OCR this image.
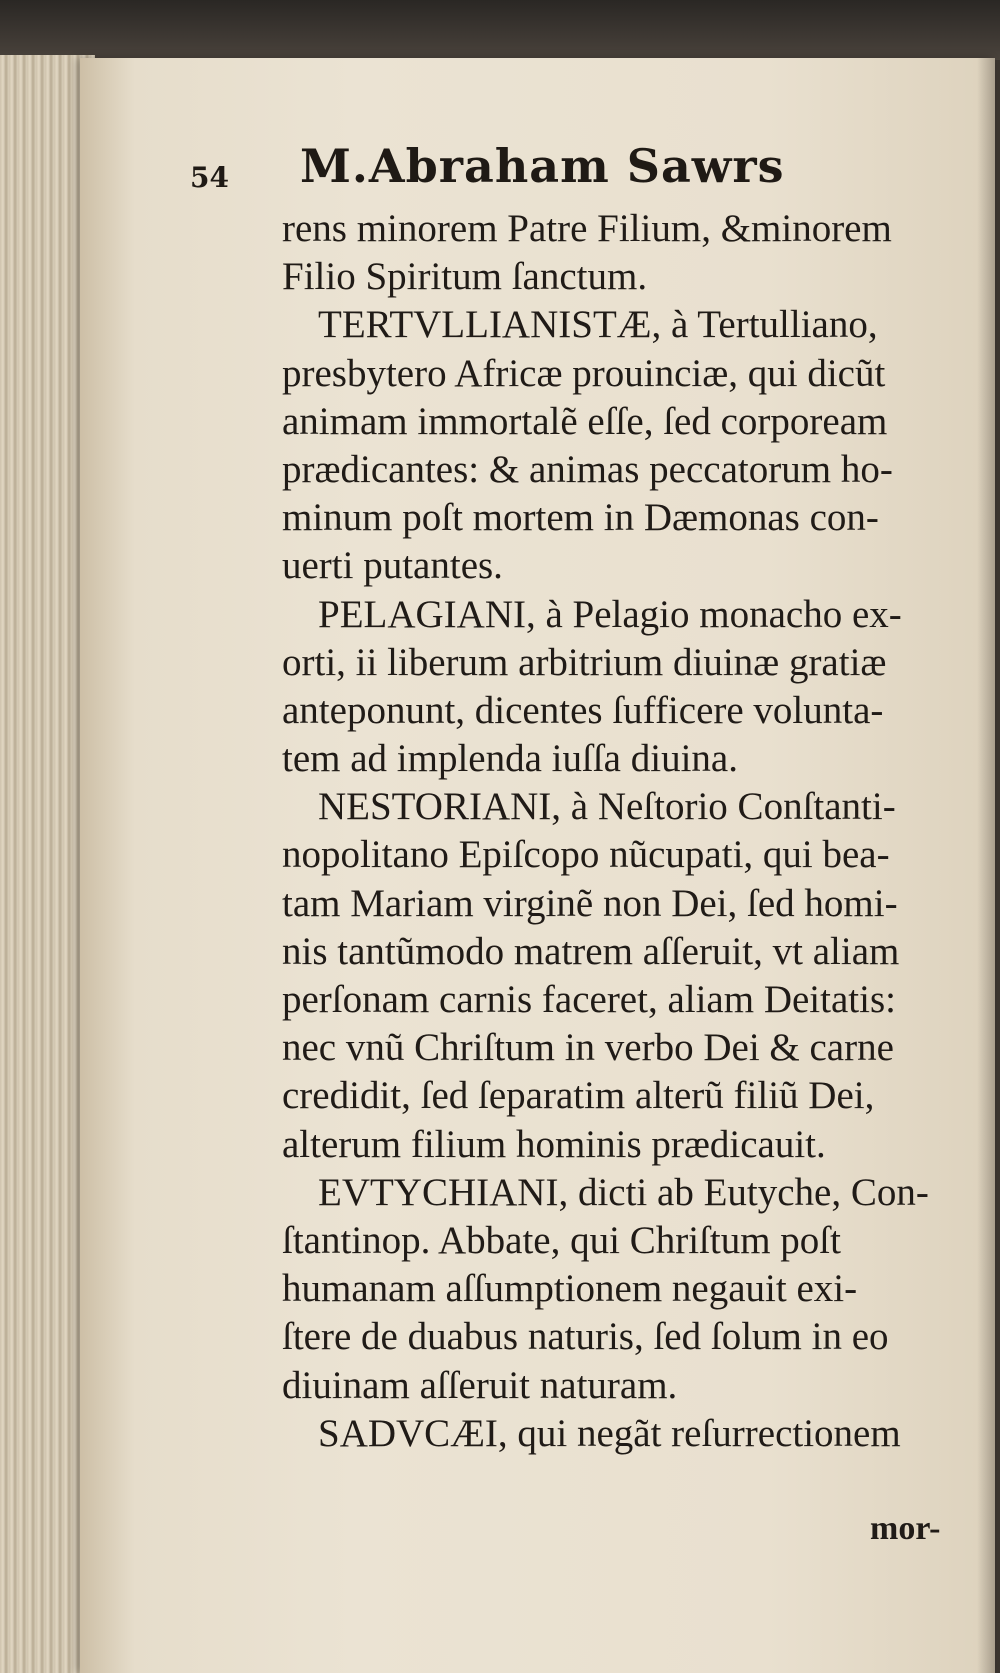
54 M.Abraham Sawrs
rens minorem Patre Filium, &minorem
Filio Spiritum ſanctum.
TERTVLLIANISTÆ, à Tertulliano,
presbytero Africæ prouinciæ, qui dicũt
animam immortalẽ eſſe, ſed corpoream
prædicantes: & animas peccatorum ho-
minum poſt mortem in Dæmonas con-
uerti putantes.
PELAGIANI, à Pelagio monacho ex-
orti, ii liberum arbitrium diuinæ gratiæ
anteponunt, dicentes ſufficere volunta-
tem ad implenda iuſſa diuina.
NESTORIANI, à Neſtorio Conſtanti-
nopolitano Epiſcopo nũcupati, qui bea-
tam Mariam virginẽ non Dei, ſed homi-
nis tantũmodo matrem aſſeruit, vt aliam
perſonam carnis faceret, aliam Deitatis:
nec vnũ Chriſtum in verbo Dei & carne
credidit, ſed ſeparatim alterũ filiũ Dei,
alterum filium hominis prædicauit.
EVTYCHIANI, dicti ab Eutyche, Con-
ſtantinop. Abbate, qui Chriſtum poſt
humanam aſſumptionem negauit exi-
ſtere de duabus naturis, ſed ſolum in eo
diuinam aſſeruit naturam.
SADVCÆI, qui negãt reſurrectionem
mor-
